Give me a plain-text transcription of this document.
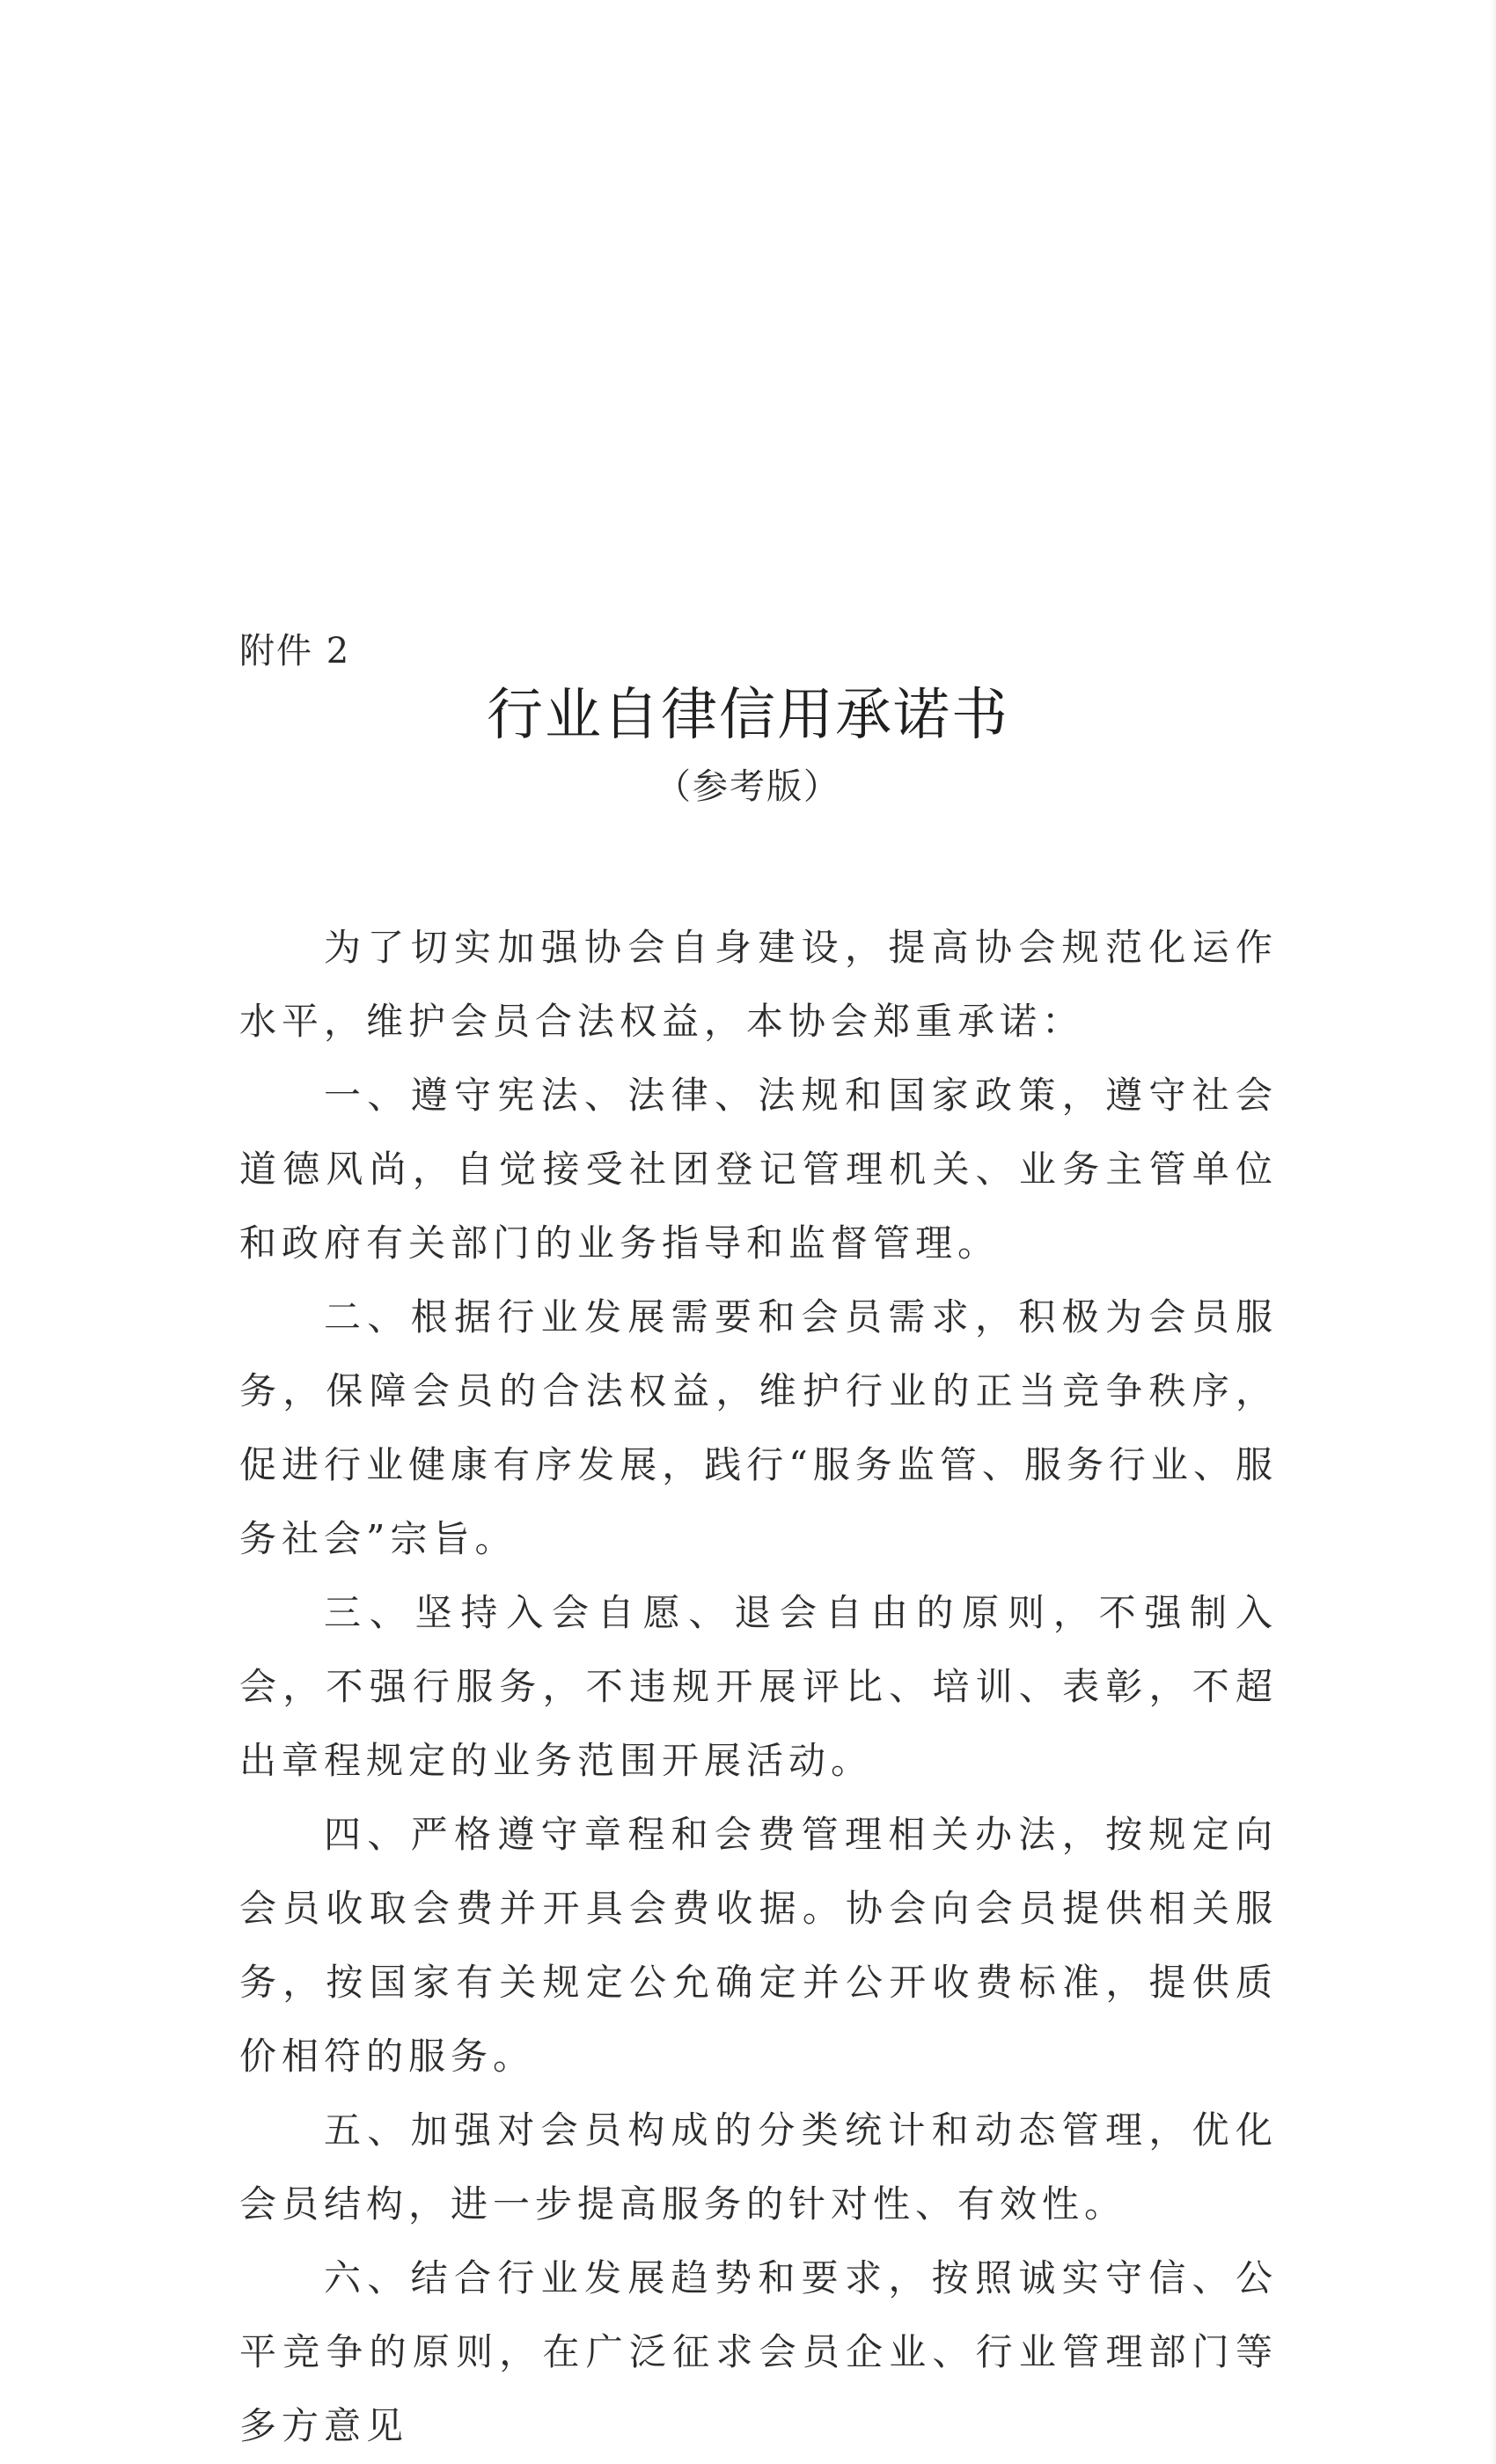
附件 2
行业自律信用承诺书
（参考版）

为了切实加强协会自身建设，提高协会规范化运作水平，维护会员合法权益，本协会郑重承诺：

一、遵守宪法、法律、法规和国家政策，遵守社会道德风尚，自觉接受社团登记管理机关、业务主管单位和政府有关部门的业务指导和监督管理。

二、根据行业发展需要和会员需求，积极为会员服务，保障会员的合法权益，维护行业的正当竞争秩序，促进行业健康有序发展，践行“服务监管、服务行业、服务社会”宗旨。

三、坚持入会自愿、退会自由的原则，不强制入会，不强行服务，不违规开展评比、培训、表彰，不超出章程规定的业务范围开展活动。

四、严格遵守章程和会费管理相关办法，按规定向会员收取会费并开具会费收据。协会向会员提供相关服务，按国家有关规定公允确定并公开收费标准，提供质价相符的服务。

五、加强对会员构成的分类统计和动态管理，优化会员结构，进一步提高服务的针对性、有效性。

六、结合行业发展趋势和要求，按照诚实守信、公平竞争的原则，在广泛征求会员企业、行业管理部门等多方意见
